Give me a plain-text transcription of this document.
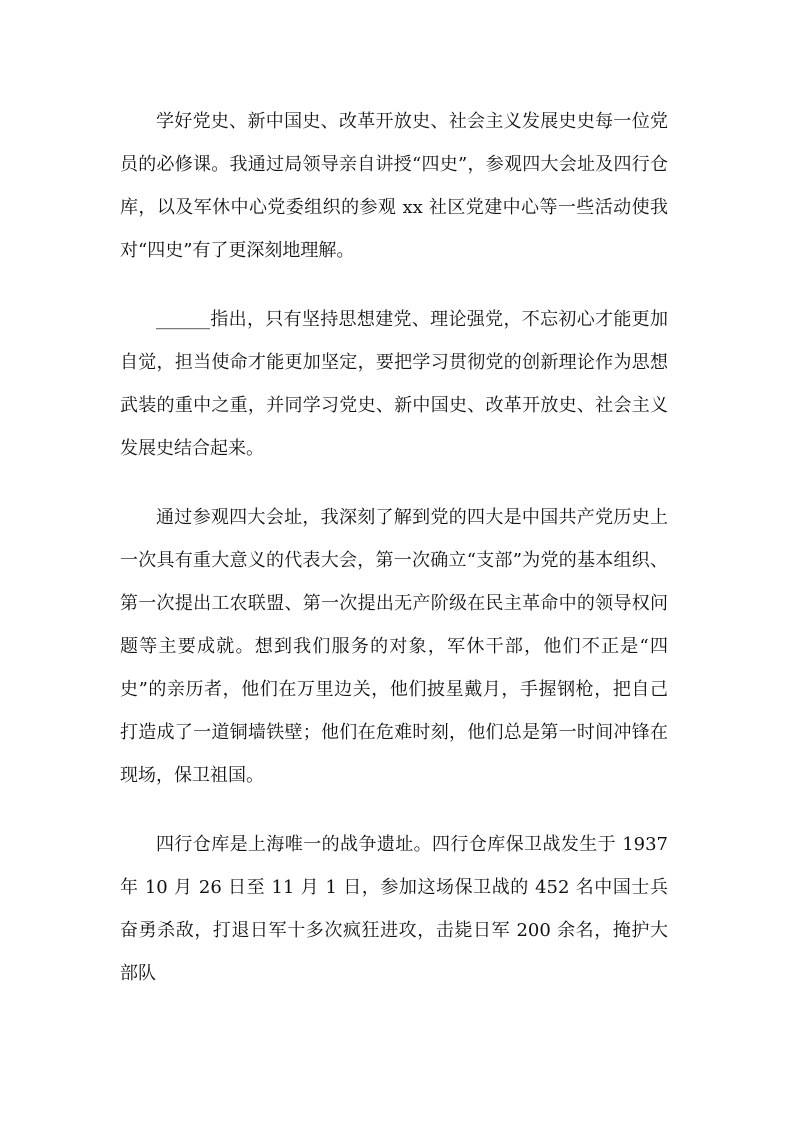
学好党史、新中国史、改革开放史、社会主义发展史史每一位党员的必修课。我通过局领导亲自讲授“四史”，参观四大会址及四行仓库，以及军休中心党委组织的参观 xx 社区党建中心等一些活动使我对“四史”有了更深刻地理解。

______指出，只有坚持思想建党、理论强党，不忘初心才能更加自觉，担当使命才能更加坚定，要把学习贯彻党的创新理论作为思想武装的重中之重，并同学习党史、新中国史、改革开放史、社会主义发展史结合起来。

通过参观四大会址，我深刻了解到党的四大是中国共产党历史上一次具有重大意义的代表大会，第一次确立“支部”为党的基本组织、第一次提出工农联盟、第一次提出无产阶级在民主革命中的领导权问题等主要成就。想到我们服务的对象，军休干部，他们不正是“四史”的亲历者，他们在万里边关，他们披星戴月，手握钢枪，把自己打造成了一道铜墙铁壁；他们在危难时刻，他们总是第一时间冲锋在现场，保卫祖国。

四行仓库是上海唯一的战争遗址。四行仓库保卫战发生于 1937 年 10 月 26 日至 11 月 1 日，参加这场保卫战的 452 名中国士兵奋勇杀敌，打退日军十多次疯狂进攻，击毙日军 200 余名，掩护大部队
